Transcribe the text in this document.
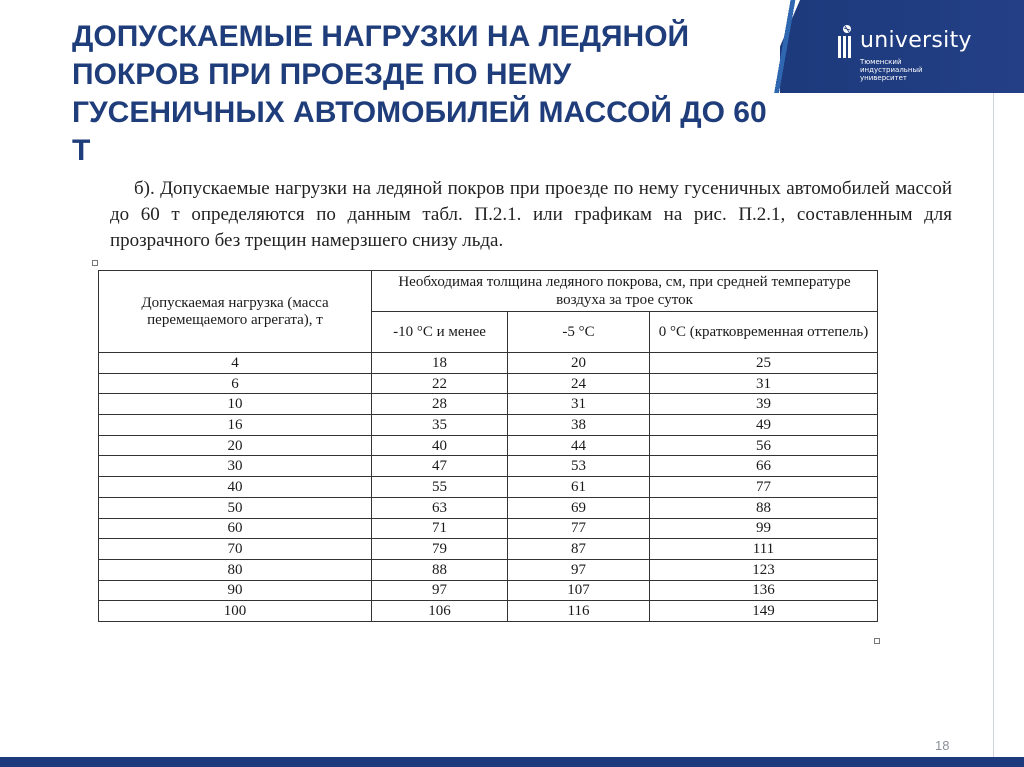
university
Тюменский индустриальный университет
ДОПУСКАЕМЫЕ НАГРУЗКИ НА ЛЕДЯНОЙ ПОКРОВ ПРИ ПРОЕЗДЕ ПО НЕМУ ГУСЕНИЧНЫХ АВТОМОБИЛЕЙ МАССОЙ ДО 60 Т

б). Допускаемые нагрузки на ледяной покров при проезде по нему гусеничных автомобилей массой до 60 т определяются по данным табл. П.2.1. или графикам на рис. П.2.1, составленным для прозрачного без трещин намерзшего снизу льда.

Допускаемая нагрузка (масса перемещаемого агрегата), т	Необходимая толщина ледяного покрова, см, при средней температуре воздуха за трое суток		
	-10 °С и менее	-5 °С	0 °С (кратковременная оттепель)
4	18	20	25
6	22	24	31
10	28	31	39
16	35	38	49
20	40	44	56
30	47	53	66
40	55	61	77
50	63	69	88
60	71	77	99
70	79	87	111
80	88	97	123
90	97	107	136
100	106	116	149
18
